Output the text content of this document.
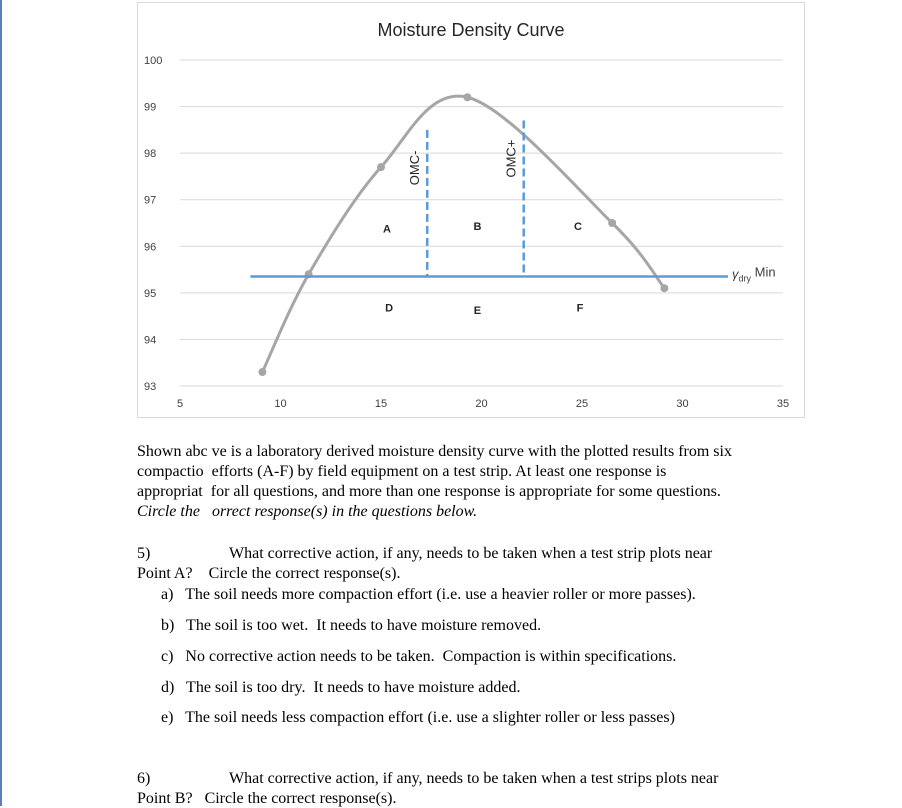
Moisture Density Curve
93
94
95
96
97
98
99
100
5	10	15	20	25	30	35
$\gamma_{dry}$ Min
OMC-	OMC+
A	B	C
D	E	F
Shown abc ve is a laboratory derived moisture density curve with the plotted results from six
compactio  efforts (A-F) by field equipment on a test strip. At least one response is
appropriat  for all questions, and more than one response is appropriate for some questions.
Circle the   orrect response(s) in the questions below.
5)	What corrective action, if any, needs to be taken when a test strip plots near
Point A?    Circle the correct response(s).
a)   The soil needs more compaction effort (i.e. use a heavier roller or more passes).
b)   The soil is too wet.  It needs to have moisture removed.
c)   No corrective action needs to be taken.  Compaction is within specifications.
d)   The soil is too dry.  It needs to have moisture added.
e)   The soil needs less compaction effort (i.e. use a slighter roller or less passes)
6)	What corrective action, if any, needs to be taken when a test strips plots near
Point B?   Circle the correct response(s).
